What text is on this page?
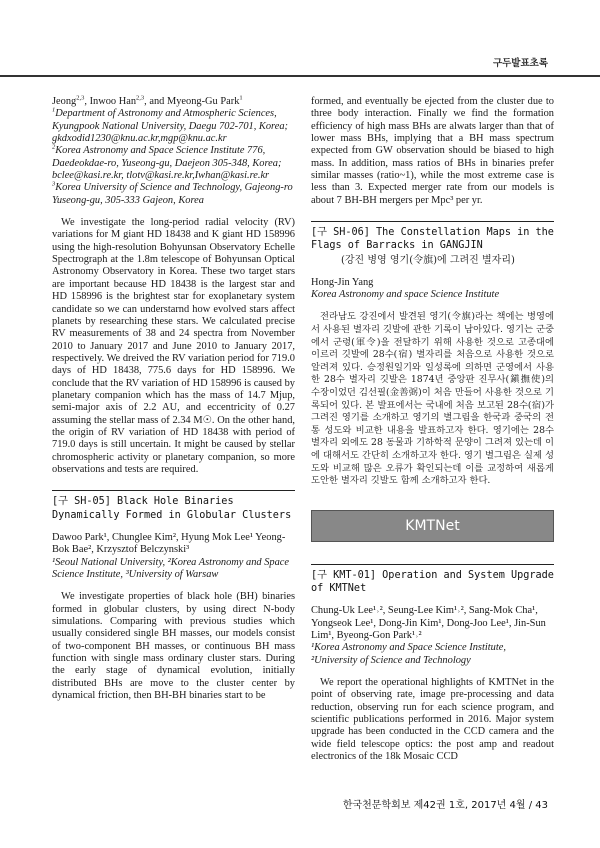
구두발표초록

Jeong$^{2,3}$, Inwoo Han$^{2,3}$, and Myeong-Gu Park$^1$

$^1$Department of Astronomy and Atmospheric Sciences, Kyungpook National University, Daegu 702-701, Korea;

gkdxodid1230@knu.ac.kr,mgp@knu.ac.kr

$^2$Korea Astronomy and Space Science Institute 776, Daedeokdae-ro, Yuseong-gu, Daejeon 305-348, Korea;

bclee@kasi.re.kr, tlotv@kasi.re.kr,Iwhan@kasi.re.kr

$^3$Korea University of Science and Technology, Gajeong-ro Yuseong-gu, 305-333 Gajeon, Korea

We investigate the long-period radial velocity (RV) variations for M giant HD 18438 and K giant HD 158996 using the high-resolution Bohyunsan Observatory Echelle Spectrograph at the 1.8m telescope of Bohyunsan Optical Astronomy Observatory in Korea. These two target stars are important because HD 18438 is the largest star and HD 158996 is the brightest star for exoplanetary system candidate so we can understarnd how evolved stars affect planets by researching these stars. We calculated precise RV measurements of 38 and 24 spectra from November 2010 to January 2017 and June 2010 to January 2017, respectively. We dreived the RV variation period for 719.0 days of HD 18438, 775.6 days for HD 158996. We conclude that the RV variation of HD 158996 is caused by planetary companion which has the mass of 14.7 Mjup, semi-major axis of 2.2 AU, and eccentricity of 0.27 assuming the stellar mass of 2.34 M☉. On the other hand, the origin of RV variation of HD 18438 with period of 719.0 days is still uncertain. It might be caused by stellar chromospheric activity or planetary companion, so more observations and tests are required.

[구 SH-05] Black Hole Binaries Dynamically Formed in Globular Clusters

Dawoo Park¹, Chunglee Kim², Hyung Mok Lee¹ Yeong-Bok Bae², Krzysztof Belczynski³

¹Seoul National University, ²Korea Astronomy and Space Science Institute, ³University of Warsaw

We investigate properties of black hole (BH) binaries formed in globular clusters, by using direct N-body simulations. Comparing with previous studies which usually considered single BH masses, our models consist of two-component BH masses, or continuous BH mass function with single mass ordinary cluster stars. During the early stage of dynamical evolution, initially distributed BHs are move to the cluster center by dynamical friction, then BH-BH binaries start to be

formed, and eventually be ejected from the cluster due to three body interaction. Finally we find the formation efficiency of high mass BHs are alwats larger than that of lower mass BHs, implying that a BH mass spectrum expected from GW observation should be biased to high mass. In addition, mass ratios of BHs in binaries prefer similar masses (ratio~1), while the most extreme case is less than 3. Expected merger rate from our models is about 7 BH-BH mergers per Mpc³ per yr.

[구 SH-06] The Constellation Maps in the Flags of Barracks in GANGJIN

(강진 병영 영기(令旗)에 그려진 별자리)

Hong-Jin Yang

Korea Astronomy and space Science Institute

전라남도 강진에서 발견된 영기(令旗)라는 책에는 병영에서 사용된 별자리 깃발에 관한 기록이 남아있다. 영기는 군중에서 군령(軍令)을 전달하기 위해 사용한 것으로 고종대에 이르러 깃발에 28수(宿) 별자리를 처음으로 사용한 것으로 알려져 있다. 승정원일기와 일성록에 의하면 군영에서 사용한 28수 별자리 깃발은 1874년 중앙판 진무사(鎭撫使)의 수장이었던 김선필(金善弼)이 처음 만들어 사용한 것으로 기록되어 있다. 본 발표에서는 국내에 처음 보고된 28수(宿)가 그려진 영기를 소개하고 영기의 별그림을 한국과 중국의 전통 성도와 비교한 내용을 발표하고자 한다. 영기에는 28수 별자리 외에도 28 동물과 기하학적 문양이 그려져 있는데 이에 대해서도 간단히 소개하고자 한다. 영기 별그림은 실제 성도와 비교해 많은 오류가 확인되는데 이를 교정하여 새롭게 도안한 별자리 깃발도 함께 소개하고자 한다.

KMTNet

[구 KMT-01] Operation and System Upgrade of KMTNet

Chung-Uk Lee¹˒², Seung-Lee Kim¹˒², Sang-Mok Cha¹, Yongseok Lee¹, Dong-Jin Kim¹, Dong-Joo Lee¹, Jin-Sun Lim¹, Byeong-Gon Park¹˒²

¹Korea Astronomy and Space Science Institute,

²University of Science and Technology

We report the operational highlights of KMTNet in the point of observing rate, image pre-processing and data reduction, observing run for each science program, and scientific publications performed in 2016. Major system upgrade has been conducted in the CCD camera and the wide field telescope optics: the post amp and readout electronics of the 18k Mosaic CCD

한국천문학회보 제42권 1호, 2017년 4월 / 43
